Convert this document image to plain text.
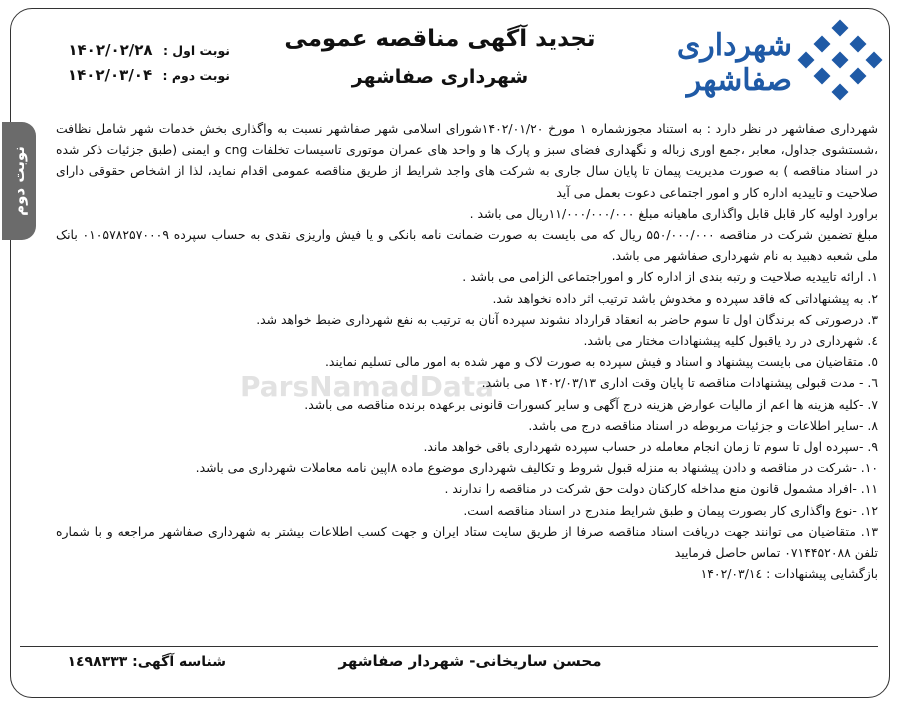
نوبت دوم
شهرداری صفاشهر
تجدید آگهی مناقصه عمومی
شهرداری صفاشهر
نوبت اول : ۱۴۰۲/۰۲/۲۸
نوبت دوم : ۱۴۰۲/۰۳/۰۴
ParsNamadData

شهرداری صفاشهر در نظر دارد : به استناد مجوزشماره ۱ مورخ ۱۴۰۲/۰۱/۲۰شورای اسلامی شهر صفاشهر نسبت به واگذاری بخش خدمات شهر شامل نظافت ،شستشوی جداول، معابر ،جمع اوری زباله و نگهداری فضای سبز و پارک ها و واحد های عمران موتوری تاسیسات تخلفات cng و ایمنی (طبق جزئیات ذکر شده در اسناد مناقصه ) به صورت مدیریت پیمان تا پایان سال جاری به شرکت های واجد شرایط از طریق مناقصه عمومی اقدام نماید، لذا از اشخاص حقوقی دارای صلاحیت و تاییدیه اداره کار و امور اجتماعی دعوت بعمل می آید

براورد اولیه کار قابل قابل واگذاری ماهیانه مبلغ ۱۱/۰۰۰/۰۰۰/۰۰۰ریال می باشد .

مبلغ تضمین شرکت در مناقصه ۵۵۰/۰۰۰/۰۰۰ ریال که می بایست به صورت ضمانت نامه بانکی و یا فیش واریزی نقدی به حساب سپرده ۰۱۰۵۷۸۲۵۷۰۰۰۹ بانک ملی شعبه دهبید به نام شهرداری صفاشهر می باشد.

۱. ارائه تاییدیه صلاحیت و رتبه بندی از اداره کار و اموراجتماعی الزامی می باشد .

۲. به پیشنهاداتی که فاقد سپرده و مخدوش باشد ترتیب اثر داده نخواهد شد.

۳. درصورتی که برندگان اول تا سوم حاضر به انعقاد قرارداد نشوند سپرده آنان به ترتیب به نفع شهرداری ضبط خواهد شد.

٤. شهرداری در رد یاقبول کلیه پیشنهادات مختار می باشد.

٥. متقاضیان می بایست پیشنهاد و اسناد و فیش سپرده به صورت لاک و مهر شده به امور مالی تسلیم نمایند.

٦. - مدت قبولی پیشنهادات مناقصه تا پایان وقت اداری ۱۴۰۲/۰۳/۱۳ می باشد.

۷. -کلیه هزینه ها اعم از مالیات عوارض هزینه درج آگهی و سایر کسورات قانونی برعهده برنده مناقصه می باشد.

۸. -سایر اطلاعات و جزئیات مربوطه در اسناد مناقصه درج می باشد.

۹. -سپرده اول تا سوم تا زمان انجام معامله در حساب سپرده شهرداری باقی خواهد ماند.

۱۰. -شرکت در مناقصه و دادن پیشنهاد به منزله قبول شروط و تکالیف شهرداری موضوع ماده ۸اپین نامه معاملات شهرداری می باشد.

۱۱. -افراد مشمول قانون منع مداخله کارکنان دولت حق شرکت در مناقصه را ندارند .

۱۲. -نوع واگذاری کار بصورت پیمان و طبق شرایط مندرج در اسناد مناقصه است.

۱۳. متقاضیان می توانند جهت دریافت اسناد مناقصه صرفا از طریق سایت ستاد ایران و جهت کسب اطلاعات بیشتر به شهرداری صفاشهر مراجعه و با شماره تلفن ۰۷۱۴۴۵۲۰۸۸ تماس حاصل فرمایید

بازگشایی پیشنهادات : ۱۴۰۲/۰۳/۱٤

محسن ساریخانی- شهردار صفاشهر
شناسه آگهی: ۱٤۹۸۳۳۳
